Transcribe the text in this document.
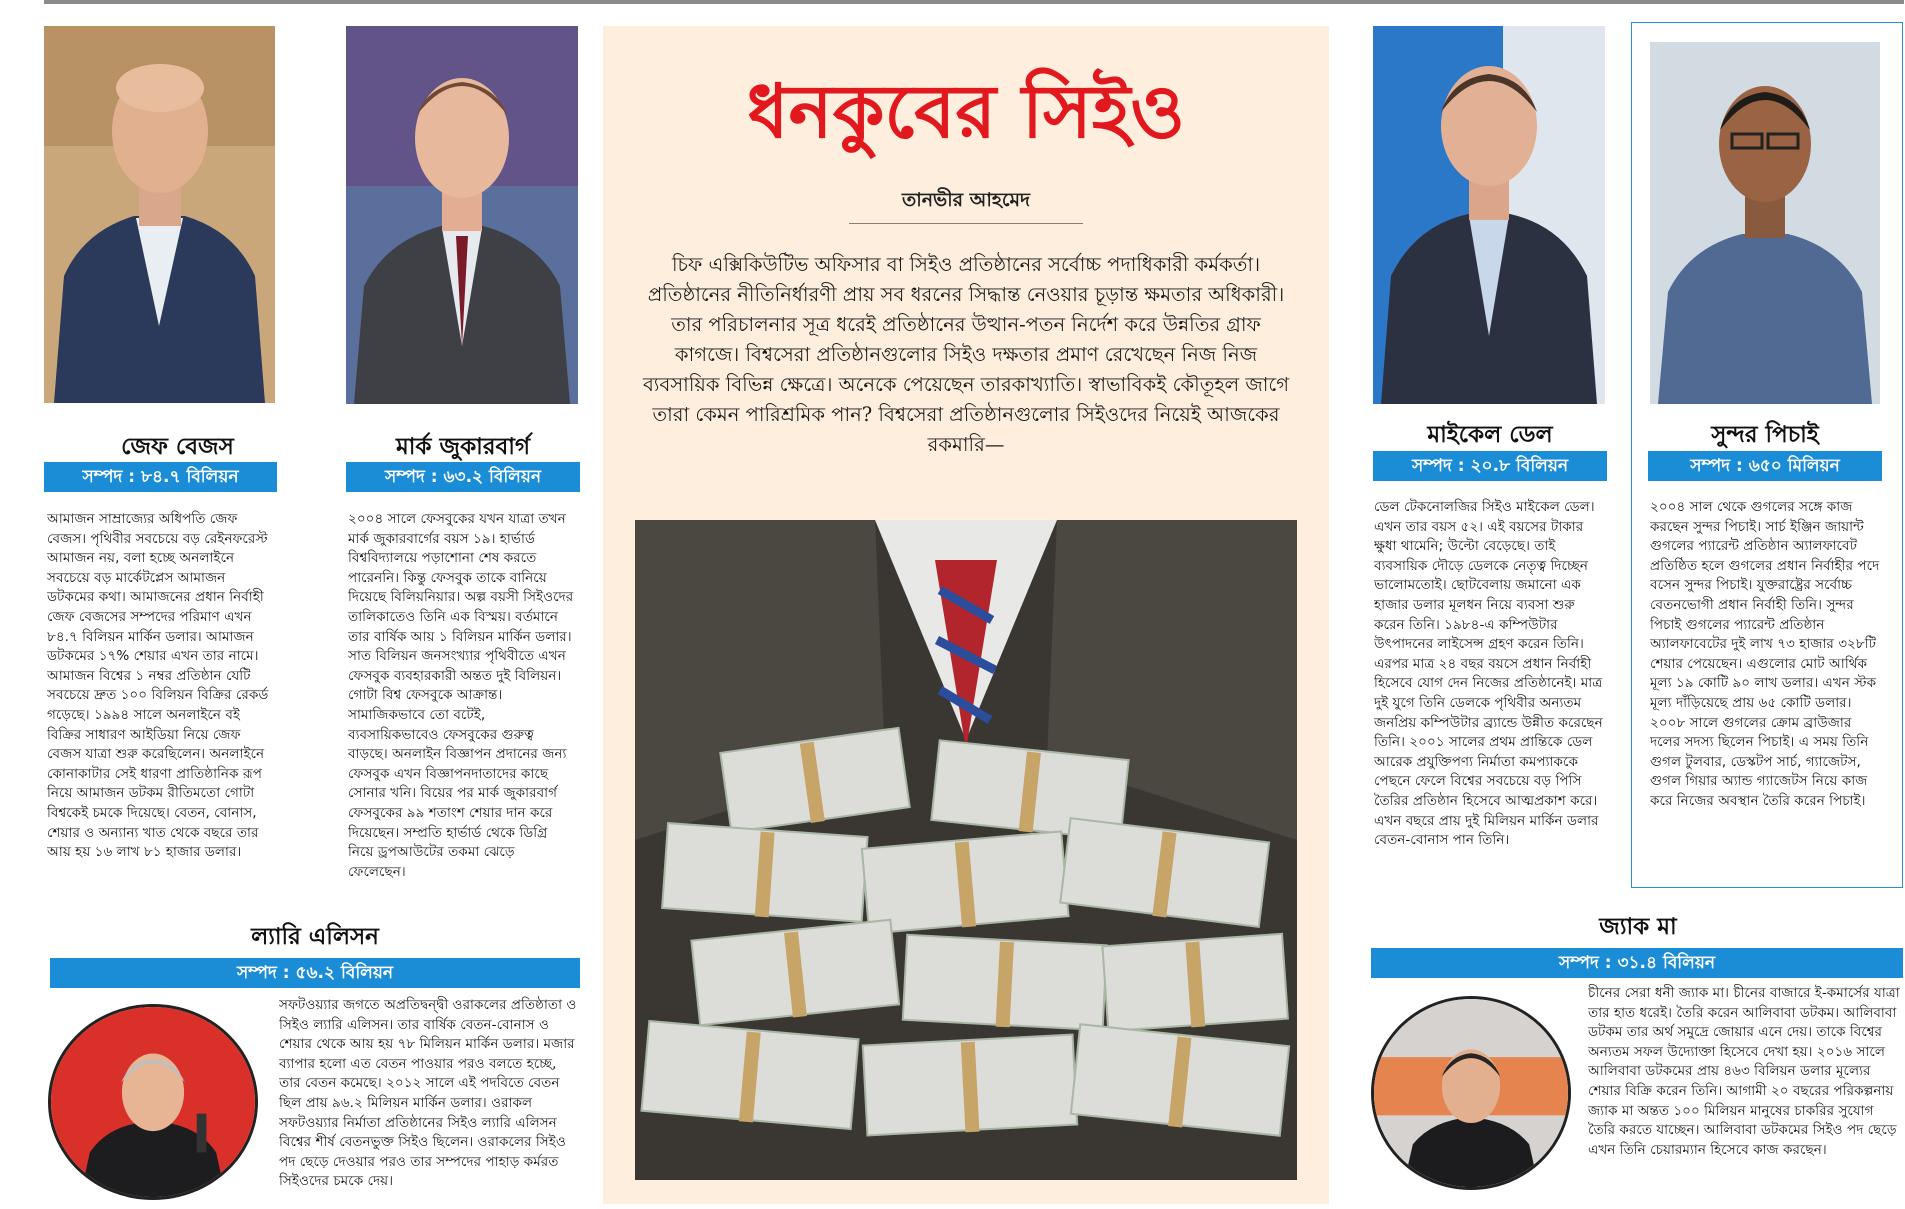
জেফ বেজস
সম্পদ : ৮৪.৭ বিলিয়ন
আমাজন সাম্রাজ্যের অধিপতি জেফ বেজস। পৃথিবীর সবচেয়ে বড় রেইনফরেস্ট আমাজন নয়, বলা হচ্ছে অনলাইনে সবচেয়ে বড় মার্কেটপ্লেস আমাজন ডটকমের কথা। আমাজনের প্রধান নির্বাহী জেফ বেজসের সম্পদের পরিমাণ এখন ৮৪.৭ বিলিয়ন মার্কিন ডলার। আমাজন ডটকমের ১৭% শেয়ার এখন তার নামে। আমাজন বিশ্বের ১ নম্বর প্রতিষ্ঠান যেটি সবচেয়ে দ্রুত ১০০ বিলিয়ন বিক্রির রেকর্ড গড়েছে। ১৯৯৪ সালে অনলাইনে বই বিক্রির সাধারণ আইডিয়া নিয়ে জেফ বেজস যাত্রা শুরু করেছিলেন। অনলাইনে কোনাকাটার সেই ধারণা প্রাতিষ্ঠানিক রূপ নিয়ে আমাজন ডটকম রীতিমতো গোটা বিশ্বকেই চমকে দিয়েছে। বেতন, বোনাস, শেয়ার ও অন্যান্য খাত থেকে বছরে তার আয় হয় ১৬ লাখ ৮১ হাজার ডলার।
মার্ক জুকারবার্গ
সম্পদ : ৬৩.২ বিলিয়ন
২০০৪ সালে ফেসবুকের যখন যাত্রা তখন মার্ক জুকারবার্গের বয়স ১৯। হার্ভার্ড বিশ্ববিদ্যালয়ে পড়াশোনা শেষ করতে পারেননি। কিন্তু ফেসবুক তাকে বানিয়ে দিয়েছে বিলিয়নিয়ার। অল্প বয়সী সিইওদের তালিকাতেও তিনি এক বিস্ময়। বর্তমানে তার বার্ষিক আয় ১ বিলিয়ন মার্কিন ডলার। সাত বিলিয়ন জনসংখ্যার পৃথিবীতে এখন ফেসবুক ব্যবহারকারী অন্তত দুই বিলিয়ন। গোটা বিশ্ব ফেসবুকে আক্রান্ত। সামাজিকভাবে তো বটেই, ব্যবসায়িকভাবেও ফেসবুকের গুরুত্ব বাড়ছে। অনলাইন বিজ্ঞাপন প্রদানের জন্য ফেসবুক এখন বিজ্ঞাপনদাতাদের কাছে সোনার খনি। বিয়ের পর মার্ক জুকারবার্গ ফেসবুকের ৯৯ শতাংশ শেয়ার দান করে দিয়েছেন। সম্প্রতি হার্ভার্ড থেকে ডিগ্রি নিয়ে ড্রপআউটের তকমা ঝেড়ে ফেলেছেন।
ল্যারি এলিসন
সম্পদ : ৫৬.২ বিলিয়ন
সফটওয়্যার জগতে অপ্রতিদ্বন্দ্বী ওরাকলের প্রতিষ্ঠাতা ও সিইও ল্যারি এলিসন। তার বার্ষিক বেতন-বোনাস ও শেয়ার থেকে আয় হয় ৭৮ মিলিয়ন মার্কিন ডলার। মজার ব্যাপার হলো এত বেতন পাওয়ার পরও বলতে হচ্ছে, তার বেতন কমেছে। ২০১২ সালে এই পদবিতে বেতন ছিল প্রায় ৯৬.২ মিলিয়ন মার্কিন ডলার। ওরাকল সফটওয়্যার নির্মাতা প্রতিষ্ঠানের সিইও ল্যারি এলিসন বিশ্বের শীর্ষ বেতনভুক্ত সিইও ছিলেন। ওরাকলের সিইও পদ ছেড়ে দেওয়ার পরও তার সম্পদের পাহাড় কর্মরত সিইওদের চমকে দেয়।
ধনকুবের সিইও
তানভীর আহমেদ
চিফ এক্সিকিউটিভ অফিসার বা সিইও প্রতিষ্ঠানের সর্বোচ্চ পদাধিকারী কর্মকর্তা। প্রতিষ্ঠানের নীতিনির্ধারণী প্রায় সব ধরনের সিদ্ধান্ত নেওয়ার চূড়ান্ত ক্ষমতার অধিকারী। তার পরিচালনার সূত্র ধরেই প্রতিষ্ঠানের উত্থান-পতন নির্দেশ করে উন্নতির গ্রাফ কাগজে। বিশ্বসেরা প্রতিষ্ঠানগুলোর সিইও দক্ষতার প্রমাণ রেখেছেন নিজ নিজ ব্যবসায়িক বিভিন্ন ক্ষেত্রে। অনেকে পেয়েছেন তারকাখ্যাতি। স্বাভাবিকই কৌতূহল জাগে তারা কেমন পারিশ্রমিক পান? বিশ্বসেরা প্রতিষ্ঠানগুলোর সিইওদের নিয়েই আজকের রকমারি—	মাইকেল ডেল
সম্পদ : ২০.৮ বিলিয়ন
ডেল টেকনোলজির সিইও মাইকেল ডেল। এখন তার বয়স ৫২। এই বয়সের টাকার ক্ষুধা থামেনি; উল্টো বেড়েছে। তাই ব্যবসায়িক দৌড়ে ডেলকে নেতৃত্ব দিচ্ছেন ভালোমতোই। ছোটবেলায় জমানো এক হাজার ডলার মূলধন নিয়ে ব্যবসা শুরু করেন তিনি। ১৯৮৪-এ কম্পিউটার উৎপাদনের লাইসেন্স গ্রহণ করেন তিনি। এরপর মাত্র ২৪ বছর বয়সে প্রধান নির্বাহী হিসেবে যোগ দেন নিজের প্রতিষ্ঠানেই। মাত্র দুই যুগে তিনি ডেলকে পৃথিবীর অন্যতম জনপ্রিয় কম্পিউটার ব্র্যান্ডে উন্নীত করেছেন তিনি। ২০০১ সালের প্রথম প্রান্তিকে ডেল আরেক প্রযুক্তিপণ্য নির্মাতা কমপ্যাককে পেছনে ফেলে বিশ্বের সবচেয়ে বড় পিসি তৈরির প্রতিষ্ঠান হিসেবে আত্মপ্রকাশ করে। এখন বছরে প্রায় দুই মিলিয়ন মার্কিন ডলার বেতন-বোনাস পান তিনি।
সুন্দর পিচাই
সম্পদ : ৬৫০ মিলিয়ন
২০০৪ সাল থেকে গুগলের সঙ্গে কাজ করছেন সুন্দর পিচাই। সার্চ ইঞ্জিন জায়ান্ট গুগলের প্যারেন্ট প্রতিষ্ঠান অ্যালফাবেট প্রতিষ্ঠিত হলে গুগলের প্রধান নির্বাহীর পদে বসেন সুন্দর পিচাই। যুক্তরাষ্ট্রের সর্বোচ্চ বেতনভোগী প্রধান নির্বাহী তিনি। সুন্দর পিচাই গুগলের প্যারেন্ট প্রতিষ্ঠান অ্যালফাবেটের দুই লাখ ৭৩ হাজার ৩২৮টি শেয়ার পেয়েছেন। এগুলোর মোট আর্থিক মূল্য ১৯ কোটি ৯০ লাখ ডলার। এখন স্টক মূল্য দাঁড়িয়েছে প্রায় ৬৫ কোটি ডলার। ২০০৮ সালে গুগলের ক্রোম ব্রাউজার দলের সদস্য ছিলেন পিচাই। এ সময় তিনি গুগল টুলবার, ডেস্কটপ সার্চ, গ্যাজেটস, গুগল গিয়ার অ্যান্ড গ্যাজেটস নিয়ে কাজ করে নিজের অবস্থান তৈরি করেন পিচাই।
জ্যাক মা
সম্পদ : ৩১.৪ বিলিয়ন
চীনের সেরা ধনী জ্যাক মা। চীনের বাজারে ই-কমার্সের যাত্রা তার হাত ধরেই। তৈরি করেন আলিবাবা ডটকম। আলিবাবা ডটকম তার অর্থ সমুদ্রে জোয়ার এনে দেয়। তাকে বিশ্বের অন্যতম সফল উদ্যোক্তা হিসেবে দেখা হয়। ২০১৬ সালে আলিবাবা ডটকমের প্রায় ৪৬৩ বিলিয়ন ডলার মূল্যের শেয়ার বিক্রি করেন তিনি। আগামী ২০ বছরের পরিকল্পনায় জ্যাক মা অন্তত ১০০ মিলিয়ন মানুষের চাকরির সুযোগ তৈরি করতে যাচ্ছেন। আলিবাবা ডটকমের সিইও পদ ছেড়ে এখন তিনি চেয়ারম্যান হিসেবে কাজ করছেন।
